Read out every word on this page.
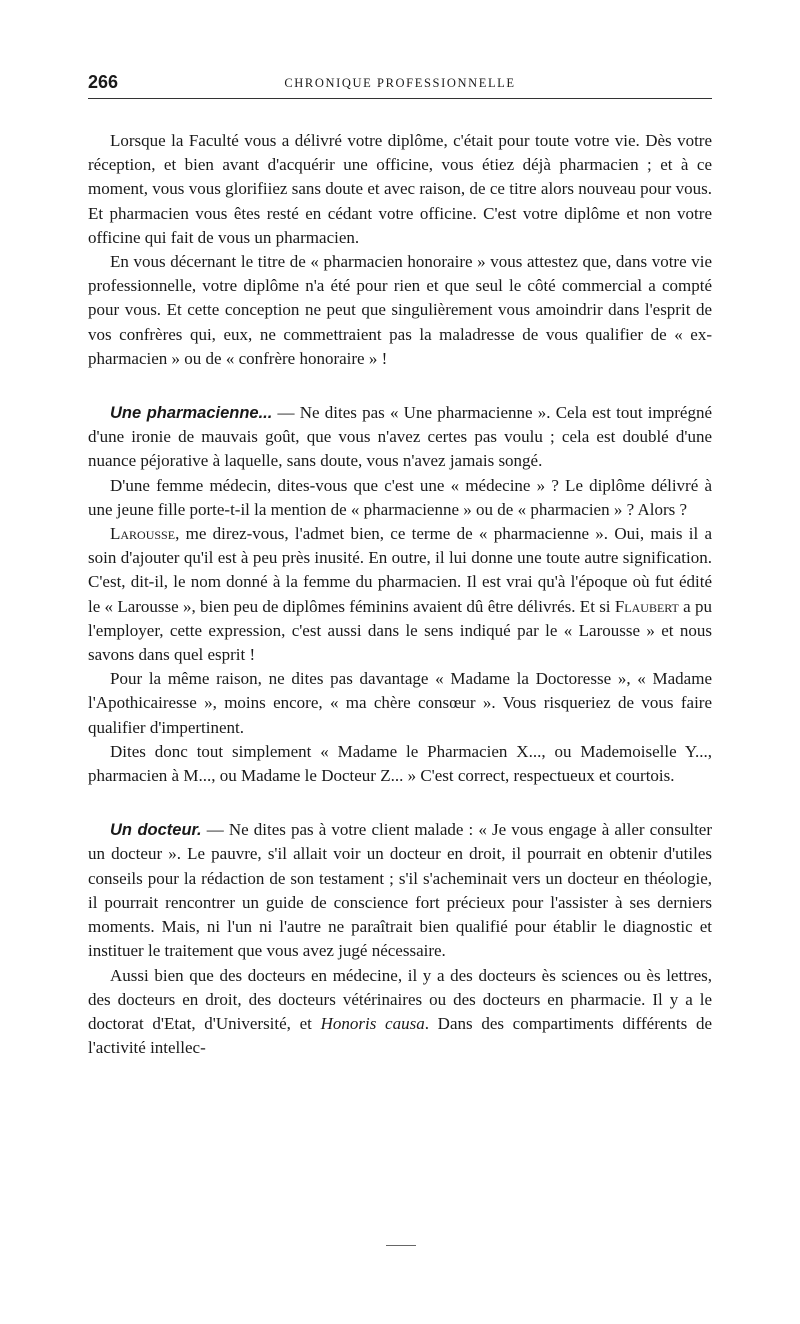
266	CHRONIQUE PROFESSIONNELLE

Lorsque la Faculté vous a délivré votre diplôme, c'était pour toute votre vie. Dès votre réception, et bien avant d'acquérir une officine, vous étiez déjà pharmacien ; et à ce moment, vous vous glorifiiez sans doute et avec raison, de ce titre alors nouveau pour vous. Et pharmacien vous êtes resté en cédant votre officine. C'est votre diplôme et non votre officine qui fait de vous un pharmacien.

En vous décernant le titre de « pharmacien honoraire » vous attestez que, dans votre vie professionnelle, votre diplôme n'a été pour rien et que seul le côté commercial a compté pour vous. Et cette conception ne peut que singulièrement vous amoindrir dans l'esprit de vos confrères qui, eux, ne commettraient pas la maladresse de vous qualifier de « ex-pharmacien » ou de « confrère honoraire » !

Une pharmacienne... — Ne dites pas « Une pharmacienne ». Cela est tout imprégné d'une ironie de mauvais goût, que vous n'avez certes pas voulu ; cela est doublé d'une nuance péjorative à laquelle, sans doute, vous n'avez jamais songé.

D'une femme médecin, dites-vous que c'est une « médecine » ? Le diplôme délivré à une jeune fille porte-t-il la mention de « pharmacienne » ou de « pharmacien » ? Alors ?

Larousse, me direz-vous, l'admet bien, ce terme de « pharmacienne ». Oui, mais il a soin d'ajouter qu'il est à peu près inusité. En outre, il lui donne une toute autre signification. C'est, dit-il, le nom donné à la femme du pharmacien. Il est vrai qu'à l'époque où fut édité le « Larousse », bien peu de diplômes féminins avaient dû être délivrés. Et si Flaubert a pu l'employer, cette expression, c'est aussi dans le sens indiqué par le « Larousse » et nous savons dans quel esprit !

Pour la même raison, ne dites pas davantage « Madame la Doctoresse », « Madame l'Apothicairesse », moins encore, « ma chère consœur ». Vous risqueriez de vous faire qualifier d'impertinent.

Dites donc tout simplement « Madame le Pharmacien X..., ou Mademoiselle Y..., pharmacien à M..., ou Madame le Docteur Z... » C'est correct, respectueux et courtois.

Un docteur. — Ne dites pas à votre client malade : « Je vous engage à aller consulter un docteur ». Le pauvre, s'il allait voir un docteur en droit, il pourrait en obtenir d'utiles conseils pour la rédaction de son testament ; s'il s'acheminait vers un docteur en théologie, il pourrait rencontrer un guide de conscience fort précieux pour l'assister à ses derniers moments. Mais, ni l'un ni l'autre ne paraîtrait bien qualifié pour établir le diagnostic et instituer le traitement que vous avez jugé nécessaire.

Aussi bien que des docteurs en médecine, il y a des docteurs ès sciences ou ès lettres, des docteurs en droit, des docteurs vétérinaires ou des docteurs en pharmacie. Il y a le doctorat d'Etat, d'Université, et Honoris causa. Dans des compartiments différents de l'activité intellec-
